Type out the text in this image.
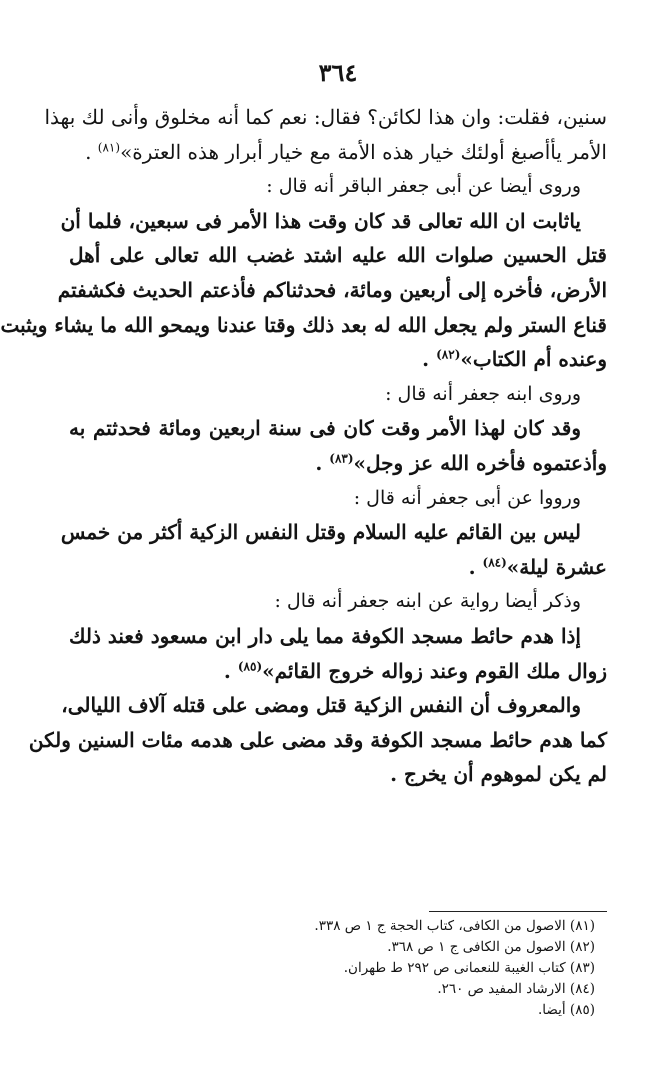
٣٦٤
سنين، فقلت: وان هذا لكائن؟ فقال: نعم كما أنه مخلوق وأنى لك بهذا
الأمر يأأصبغ أولئك خيار هذه الأمة مع خيار أبرار هذه العترة»$^{(٨١)}$ .
وروى أيضا عن أبى جعفر الباقر أنه قال :
ياثابت ان الله تعالى قد كان وقت هذا الأمر فى سبعين، فلما أن
قتل الحسين صلوات الله عليه اشتد غضب الله تعالى على أهل
الأرض، فأخره إلى أربعين ومائة، فحدثناكم فأذعتم الحديث فكشفتم
قناع الستر ولم يجعل الله له بعد ذلك وقتا عندنا ويمحو الله ما يشاء ويثبت
وعنده أم الكتاب»$^{(٨٢)}$ .
وروى ابنه جعفر أنه قال :
وقد كان لهذا الأمر وقت كان فى سنة اربعين ومائة فحدثتم به
وأذعتموه فأخره الله عز وجل»$^{(٨٣)}$ .
ورووا عن أبى جعفر أنه قال :
ليس بين القائم عليه السلام وقتل النفس الزكية أكثر من خمس
عشرة ليلة»$^{(٨٤)}$ .
وذكر أيضا رواية عن ابنه جعفر أنه قال :
إذا هدم حائط مسجد الكوفة مما يلى دار ابن مسعود فعند ذلك
زوال ملك القوم وعند زواله خروج القائم»$^{(٨٥)}$ .
والمعروف أن النفس الزكية قتل ومضى على قتله آلاف الليالى،
كما هدم حائط مسجد الكوفة وقد مضى على هدمه مئات السنين ولكن
لم يكن لموهوم أن يخرج .
(٨١) الاصول من الكافى، كتاب الحجة ج ١ ص ٣٣٨.
(٨٢) الاصول من الكافى ج ١ ص ٣٦٨.
(٨٣) كتاب الغيبة للنعمانى ص ٢٩٢ ط طهران.
(٨٤) الارشاد المفيد ص ٢٦٠.
(٨٥) أيضا.
